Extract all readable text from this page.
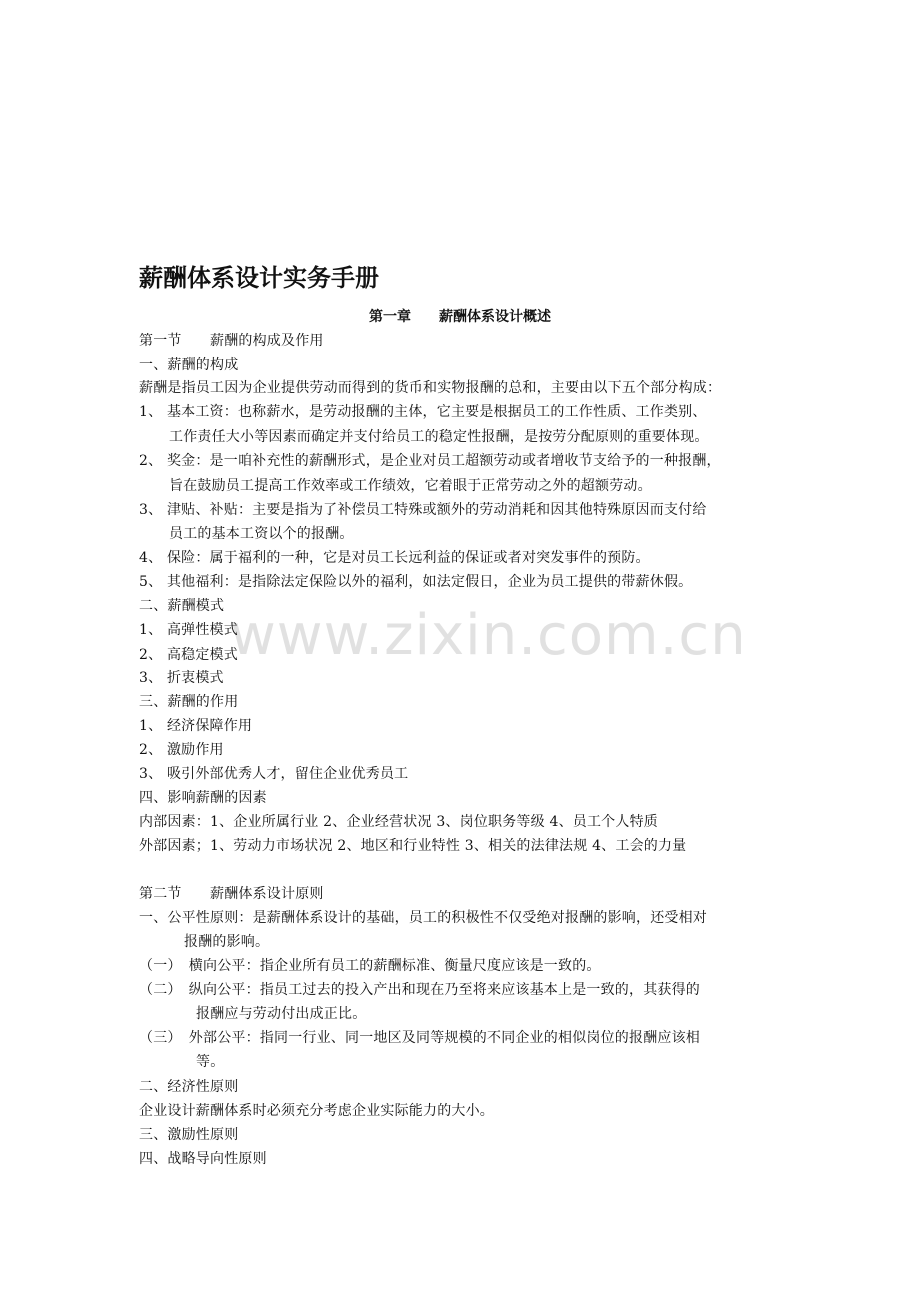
薪酬体系设计实务手册
第一章　　薪酬体系设计概述
www.zixin.com.cn
第一节　　薪酬的构成及作用
一、薪酬的构成
薪酬是指员工因为企业提供劳动而得到的货币和实物报酬的总和，主要由以下五个部分构成：
1、 基本工资：也称薪水，是劳动报酬的主体，它主要是根据员工的工作性质、工作类别、
工作责任大小等因素而确定并支付给员工的稳定性报酬，是按劳分配原则的重要体现。
2、 奖金：是一咱补充性的薪酬形式，是企业对员工超额劳动或者增收节支给予的一种报酬，
旨在鼓励员工提高工作效率或工作绩效，它着眼于正常劳动之外的超额劳动。
3、 津贴、补贴：主要是指为了补偿员工特殊或额外的劳动消耗和因其他特殊原因而支付给
员工的基本工资以个的报酬。
4、 保险：属于福利的一种，它是对员工长远利益的保证或者对突发事件的预防。
5、 其他福利：是指除法定保险以外的福利，如法定假日，企业为员工提供的带薪休假。
二、薪酬模式
1、 高弹性模式
2、 高稳定模式
3、 折衷模式
三、薪酬的作用
1、 经济保障作用
2、 激励作用
3、 吸引外部优秀人才，留住企业优秀员工
四、影响薪酬的因素
内部因素：1、企业所属行业 2、企业经营状况 3、岗位职务等级 4、员工个人特质
外部因素；1、劳动力市场状况 2、地区和行业特性 3、相关的法律法规 4、工会的力量
第二节　　薪酬体系设计原则
一、公平性原则：是薪酬体系设计的基础，员工的积极性不仅受绝对报酬的影响，还受相对
报酬的影响。
（一）　横向公平：指企业所有员工的薪酬标准、衡量尺度应该是一致的。
（二）　纵向公平：指员工过去的投入产出和现在乃至将来应该基本上是一致的，其获得的
报酬应与劳动付出成正比。
（三）　外部公平：指同一行业、同一地区及同等规模的不同企业的相似岗位的报酬应该相
等。
二、经济性原则
企业设计薪酬体系时必须充分考虑企业实际能力的大小。
三、激励性原则
四、战略导向性原则
